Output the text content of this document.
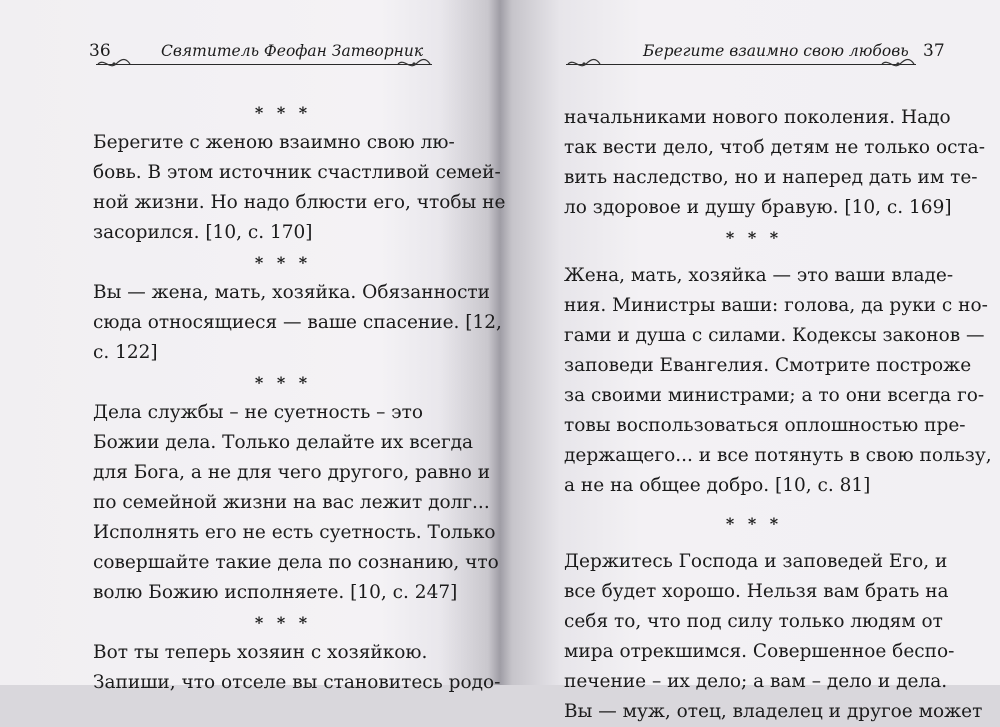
36	Святитель Феофан Затворник
* * *
Берегите с женою взаимно свою лю-
бовь. В этом источник счастливой семей-
ной жизни. Но надо блюсти его, чтобы не
засорился. [10, с. 170]
* * *
Вы — жена, мать, хозяйка. Обязанности
сюда относящиеся — ваше спасение. [12,
с. 122]
* * *
Дела службы – не суетность – это
Божии дела. Только делайте их всегда
для Бога, а не для чего другого, равно и
по семейной жизни на вас лежит долг...
Исполнять его не есть суетность. Только
совершайте такие дела по сознанию, что
волю Божию исполняете. [10, с. 247]
* * *
Вот ты теперь хозяин с хозяйкою.
Запиши, что отселе вы становитесь родо-
37
Берегите взаимно свою любовь
начальниками нового поколения. Надо
так вести дело, чтоб детям не только оста-
вить наследство, но и наперед дать им те-
ло здоровое и душу бравую. [10, с. 169]
* * *
Жена, мать, хозяйка — это ваши владе-
ния. Министры ваши: голова, да руки с но-
гами и душа с силами. Кодексы законов —
заповеди Евангелия. Смотрите построже
за своими министрами; а то они всегда го-
товы воспользоваться оплошностью пре-
держащего... и все потянуть в свою пользу,
а не на общее добро. [10, с. 81]
* * *
Держитесь Господа и заповедей Его, и
все будет хорошо. Нельзя вам брать на
себя то, что под силу только людям от
мира отрекшимся. Совершенное беспо-
печение – их дело; а вам – дело и дела.
Вы — муж, отец, владелец и другое может
